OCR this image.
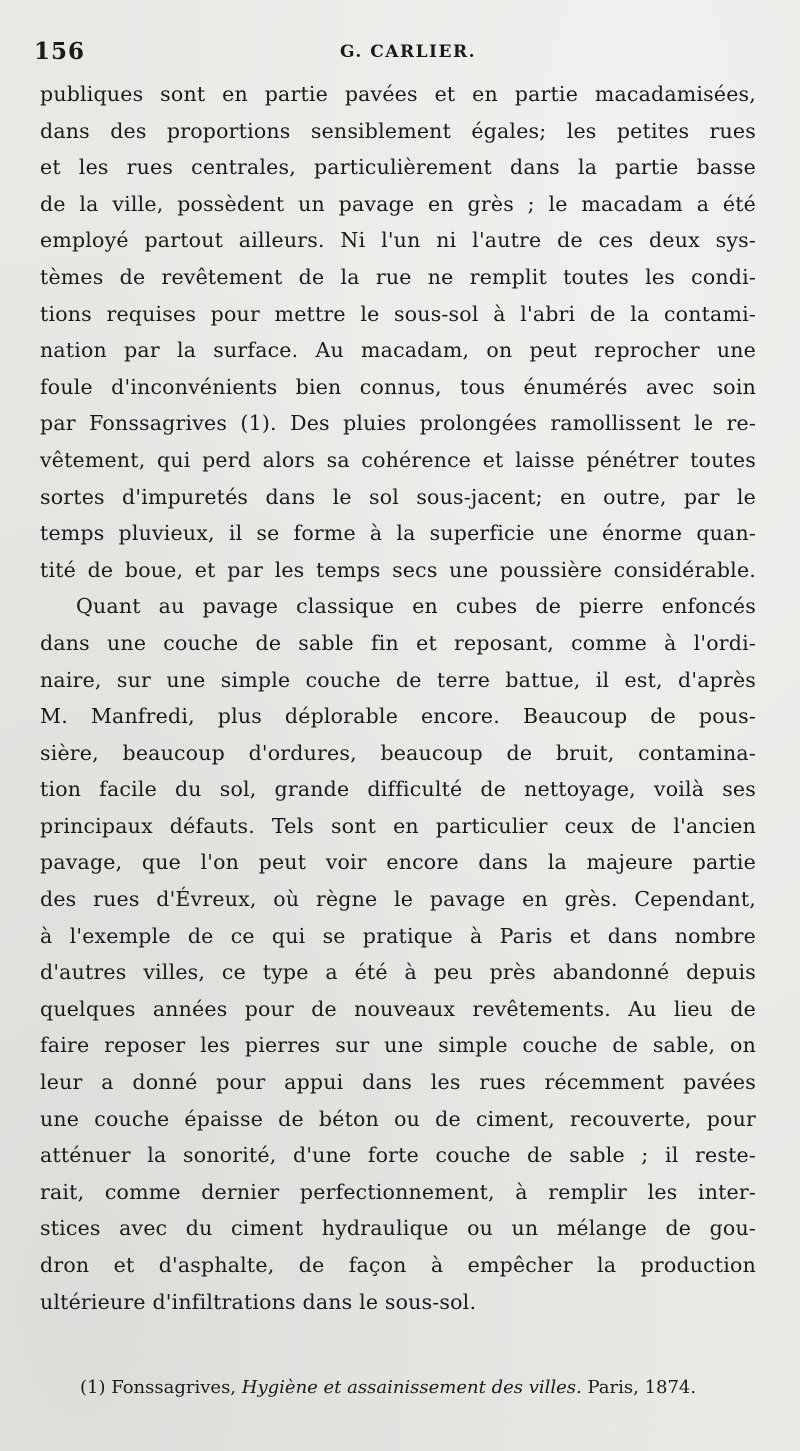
156	G. CARLIER.
publiques sont en partie pavées et en partie macadamisées,
dans des proportions sensiblement égales; les petites rues
et les rues centrales, particulièrement dans la partie basse
de la ville, possèdent un pavage en grès ; le macadam a été
employé partout ailleurs. Ni l'un ni l'autre de ces deux sys-
tèmes de revêtement de la rue ne remplit toutes les condi-
tions requises pour mettre le sous-sol à l'abri de la contami-
nation par la surface. Au macadam, on peut reprocher une
foule d'inconvénients bien connus, tous énumérés avec soin
par Fonssagrives (1). Des pluies prolongées ramollissent le re-
vêtement, qui perd alors sa cohérence et laisse pénétrer toutes
sortes d'impuretés dans le sol sous-jacent; en outre, par le
temps pluvieux, il se forme à la superficie une énorme quan-
tité de boue, et par les temps secs une poussière considérable.
Quant au pavage classique en cubes de pierre enfoncés
dans une couche de sable fin et reposant, comme à l'ordi-
naire, sur une simple couche de terre battue, il est, d'après
M. Manfredi, plus déplorable encore. Beaucoup de pous-
sière, beaucoup d'ordures, beaucoup de bruit, contamina-
tion facile du sol, grande difficulté de nettoyage, voilà ses
principaux défauts. Tels sont en particulier ceux de l'ancien
pavage, que l'on peut voir encore dans la majeure partie
des rues d'Évreux, où règne le pavage en grès. Cependant,
à l'exemple de ce qui se pratique à Paris et dans nombre
d'autres villes, ce type a été à peu près abandonné depuis
quelques années pour de nouveaux revêtements. Au lieu de
faire reposer les pierres sur une simple couche de sable, on
leur a donné pour appui dans les rues récemment pavées
une couche épaisse de béton ou de ciment, recouverte, pour
atténuer la sonorité, d'une forte couche de sable ; il reste-
rait, comme dernier perfectionnement, à remplir les inter-
stices avec du ciment hydraulique ou un mélange de gou-
dron et d'asphalte, de façon à empêcher la production
ultérieure d'infiltrations dans le sous-sol.
(1) Fonssagrives, Hygiène et assainissement des villes. Paris, 1874.
